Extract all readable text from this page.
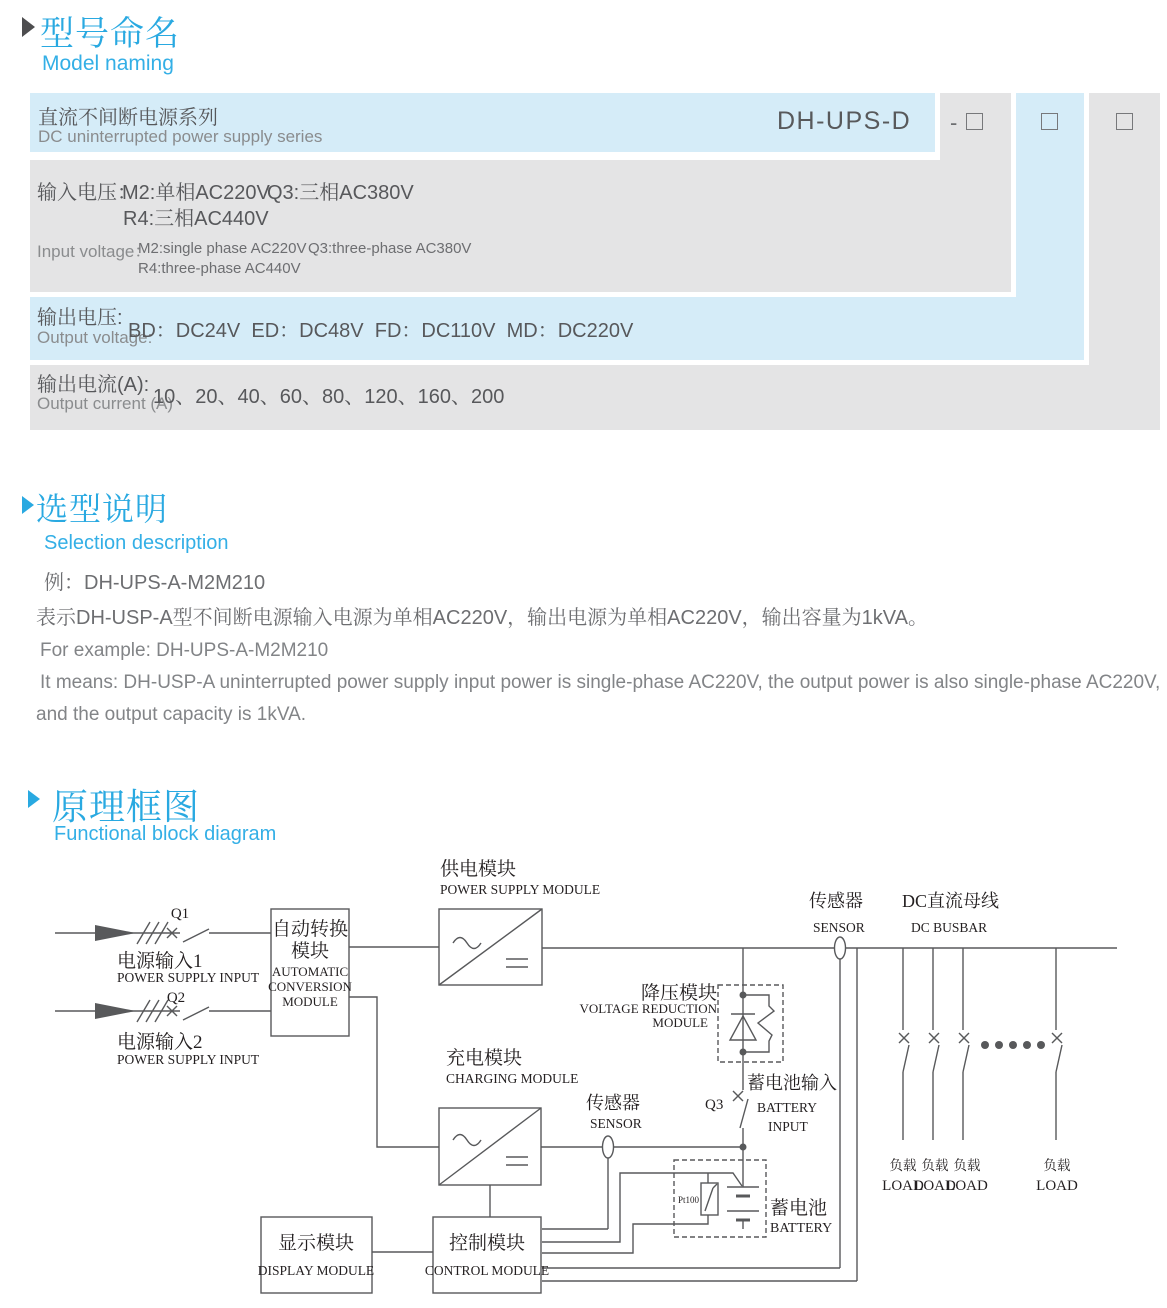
型号命名
Model naming
直流不间断电源系列
DC uninterrupted power supply series
DH-UPS-D -
输入电压：
M2:单相AC220V
Q3:三相AC380V
R4:三相AC440V
Input voltage：
M2:single phase AC220V Q3:three-phase AC380V
R4:three-phase AC440V
输出电压:
Output voltage:
BD：DC24V  ED：DC48V  FD：DC110V  MD：DC220V
输出电流(A):
Output current (A)
10、20、40、60、80、120、160、200
选型说明
Selection description
例：DH-UPS-A-M2M210
表示DH-USP-A型不间断电源输入电源为单相AC220V，输出电源为单相AC220V，输出容量为1kVA。
For example: DH-UPS-A-M2M210
It means: DH-USP-A uninterrupted power supply input power is single-phase AC220V, the output power is also single-phase AC220V,
and the output capacity is 1kVA.
原理框图
Functional block diagram
Q1
Q2
电源输入1
POWER SUPPLY INPUT
电源输入2
POWER SUPPLY INPUT
自动转换
模块
AUTOMATIC
CONVERSION
MODULE
供电模块
POWER SUPPLY MODULE
充电模块
CHARGING MODULE
传感器
SENSOR
传感器
SENSOR
DC直流母线
DC BUSBAR
降压模块
VOLTAGE REDUCTION
MODULE
蓄电池输入
Q3 BATTERY
INPUT
蓄电池
BATTERY
Pt100
显示模块
DISPLAY MODULE
控制模块
CONTROL MODULE
负载 负载 负载	负载
LOAD
LOAD
LOAD	LOAD
